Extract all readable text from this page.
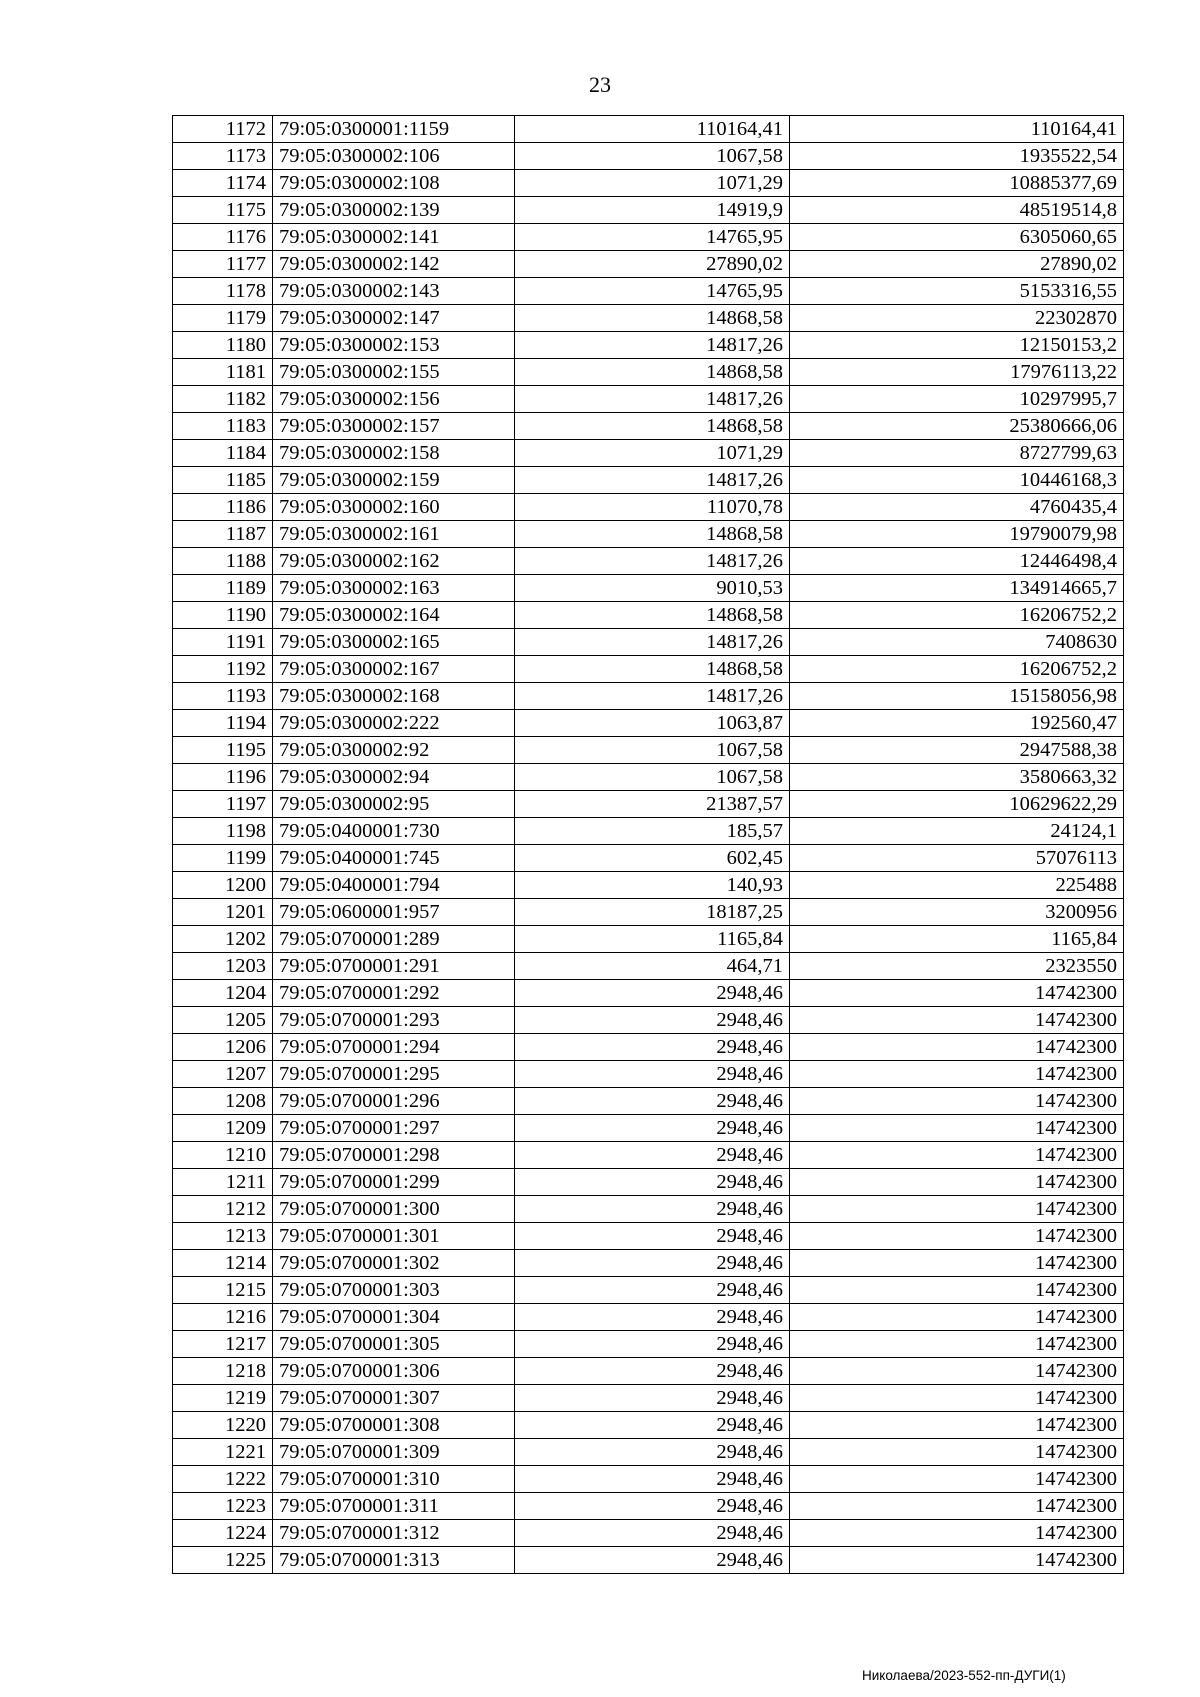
23
1172	79:05:0300001:1159	110164,41	110164,41
1173	79:05:0300002:106	1067,58	1935522,54
1174	79:05:0300002:108	1071,29	10885377,69
1175	79:05:0300002:139	14919,9	48519514,8
1176	79:05:0300002:141	14765,95	6305060,65
1177	79:05:0300002:142	27890,02	27890,02
1178	79:05:0300002:143	14765,95	5153316,55
1179	79:05:0300002:147	14868,58	22302870
1180	79:05:0300002:153	14817,26	12150153,2
1181	79:05:0300002:155	14868,58	17976113,22
1182	79:05:0300002:156	14817,26	10297995,7
1183	79:05:0300002:157	14868,58	25380666,06
1184	79:05:0300002:158	1071,29	8727799,63
1185	79:05:0300002:159	14817,26	10446168,3
1186	79:05:0300002:160	11070,78	4760435,4
1187	79:05:0300002:161	14868,58	19790079,98
1188	79:05:0300002:162	14817,26	12446498,4
1189	79:05:0300002:163	9010,53	134914665,7
1190	79:05:0300002:164	14868,58	16206752,2
1191	79:05:0300002:165	14817,26	7408630
1192	79:05:0300002:167	14868,58	16206752,2
1193	79:05:0300002:168	14817,26	15158056,98
1194	79:05:0300002:222	1063,87	192560,47
1195	79:05:0300002:92	1067,58	2947588,38
1196	79:05:0300002:94	1067,58	3580663,32
1197	79:05:0300002:95	21387,57	10629622,29
1198	79:05:0400001:730	185,57	24124,1
1199	79:05:0400001:745	602,45	57076113
1200	79:05:0400001:794	140,93	225488
1201	79:05:0600001:957	18187,25	3200956
1202	79:05:0700001:289	1165,84	1165,84
1203	79:05:0700001:291	464,71	2323550
1204	79:05:0700001:292	2948,46	14742300
1205	79:05:0700001:293	2948,46	14742300
1206	79:05:0700001:294	2948,46	14742300
1207	79:05:0700001:295	2948,46	14742300
1208	79:05:0700001:296	2948,46	14742300
1209	79:05:0700001:297	2948,46	14742300
1210	79:05:0700001:298	2948,46	14742300
1211	79:05:0700001:299	2948,46	14742300
1212	79:05:0700001:300	2948,46	14742300
1213	79:05:0700001:301	2948,46	14742300
1214	79:05:0700001:302	2948,46	14742300
1215	79:05:0700001:303	2948,46	14742300
1216	79:05:0700001:304	2948,46	14742300
1217	79:05:0700001:305	2948,46	14742300
1218	79:05:0700001:306	2948,46	14742300
1219	79:05:0700001:307	2948,46	14742300
1220	79:05:0700001:308	2948,46	14742300
1221	79:05:0700001:309	2948,46	14742300
1222	79:05:0700001:310	2948,46	14742300
1223	79:05:0700001:311	2948,46	14742300
1224	79:05:0700001:312	2948,46	14742300
1225	79:05:0700001:313	2948,46	14742300
Николаева/2023-552-пп-ДУГИ(1)
